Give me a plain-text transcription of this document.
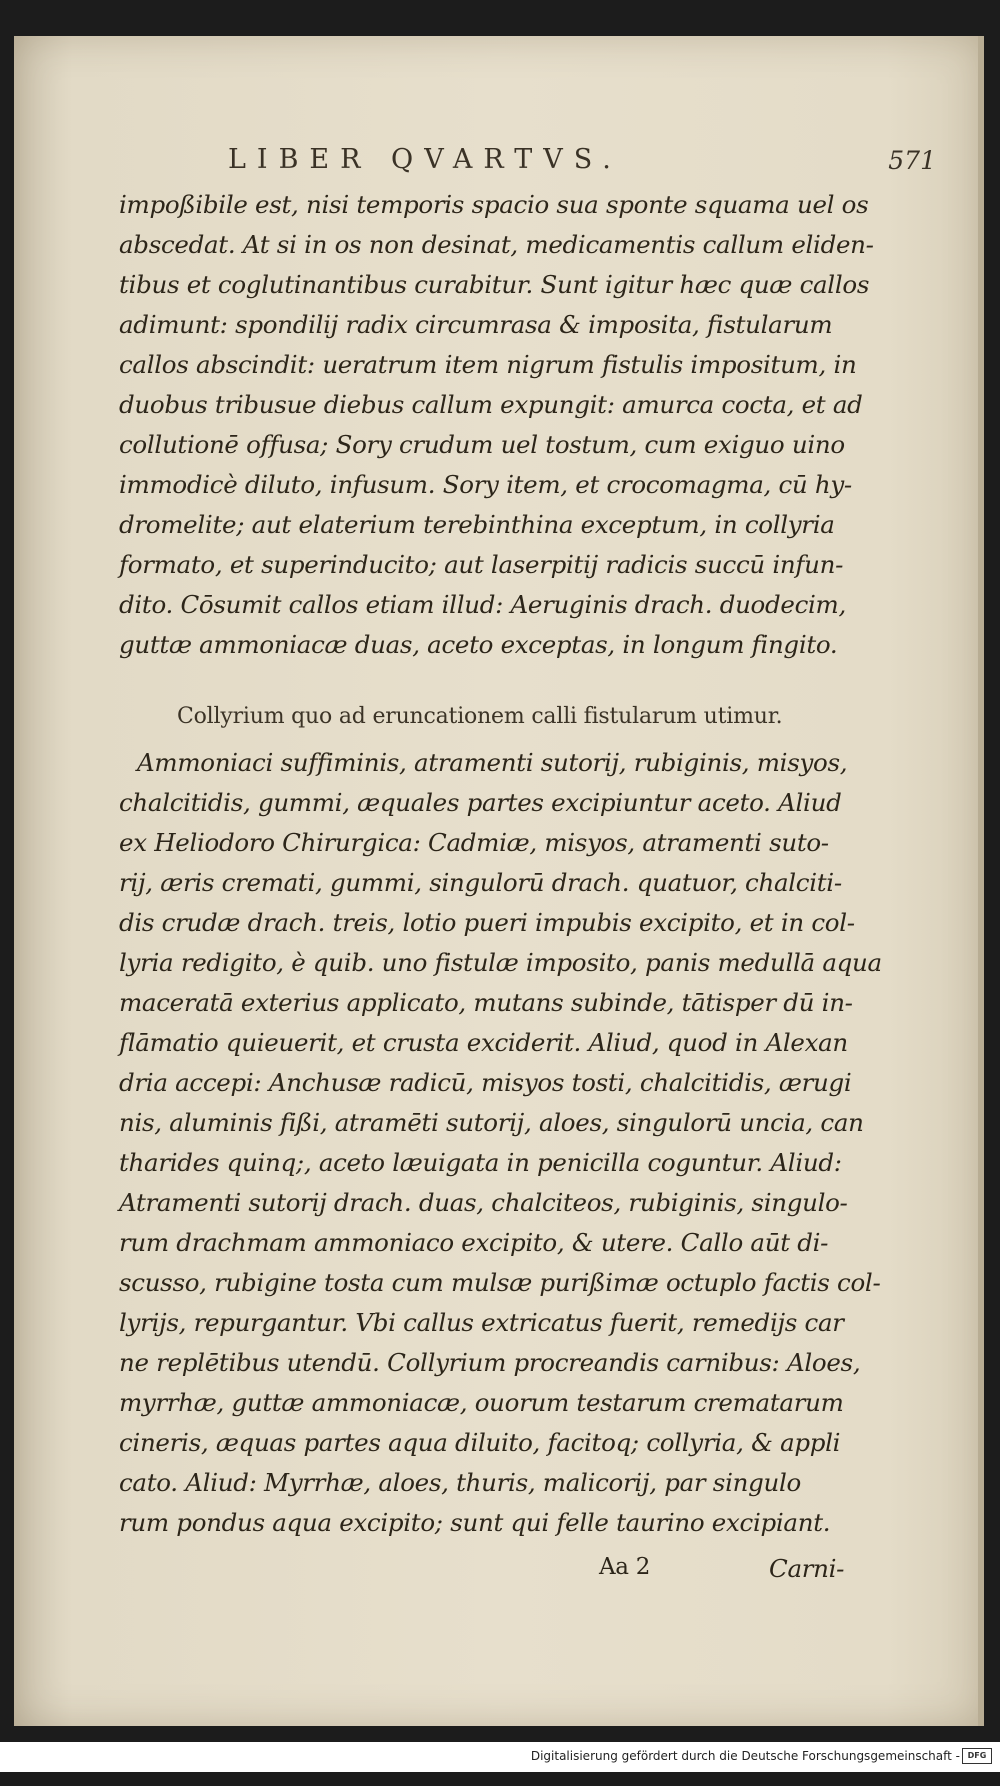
LIBER QVARTVS.	571
impoßibile est, nisi temporis spacio sua sponte squama uel os
abscedat. At si in os non desinat, medicamentis callum eliden-
tibus et coglutinantibus curabitur. Sunt igitur hæc quæ callos
adimunt: spondilij radix circumrasa & imposita, fistularum
callos abscindit: ueratrum item nigrum fistulis impositum, in
duobus tribusue diebus callum expungit: amurca cocta, et ad
collutionē offusa; Sory crudum uel tostum, cum exiguo uino
immodicè diluto, infusum. Sory item, et crocomagma, cū hy-
dromelite; aut elaterium terebinthina exceptum, in collyria
formato, et superinducito; aut laserpitij radicis succū infun-
dito. Cōsumit callos etiam illud: Aeruginis drach. duodecim,
guttæ ammoniacæ duas, aceto exceptas, in longum fingito.
Collyrium quo ad eruncationem calli fistularum utimur.
Ammoniaci suffiminis, atramenti sutorij, rubiginis, misyos,
chalcitidis, gummi, æquales partes excipiuntur aceto. Aliud
ex Heliodoro Chirurgica: Cadmiæ, misyos, atramenti suto-
rij, æris cremati, gummi, singulorū drach. quatuor, chalciti-
dis crudæ drach. treis, lotio pueri impubis excipito, et in col-
lyria redigito, è quib. uno fistulæ imposito, panis medullā aqua
maceratā exterius applicato, mutans subinde, tātisper dū in-
flāmatio quieuerit, et crusta exciderit. Aliud, quod in Alexan
dria accepi: Anchusæ radicū, misyos tosti, chalcitidis, ærugi
nis, aluminis fißi, atramēti sutorij, aloes, singulorū uncia, can
tharides quinq;, aceto læuigata in penicilla coguntur. Aliud:
Atramenti sutorij drach. duas, chalciteos, rubiginis, singulo-
rum drachmam ammoniaco excipito, & utere. Callo aūt di-
scusso, rubigine tosta cum mulsæ purißimæ octuplo factis col-
lyrijs, repurgantur. Vbi callus extricatus fuerit, remedijs car
ne replētibus utendū. Collyrium procreandis carnibus: Aloes,
myrrhæ, guttæ ammoniacæ, ouorum testarum crematarum
cineris, æquas partes aqua diluito, facitoq; collyria, & appli
cato. Aliud: Myrrhæ, aloes, thuris, malicorij, par singulo
rum pondus aqua excipito; sunt qui felle taurino excipiant.
Aa 2	Carni-
Digitalisierung gefördert durch die Deutsche Forschungsgemeinschaft - DFG
